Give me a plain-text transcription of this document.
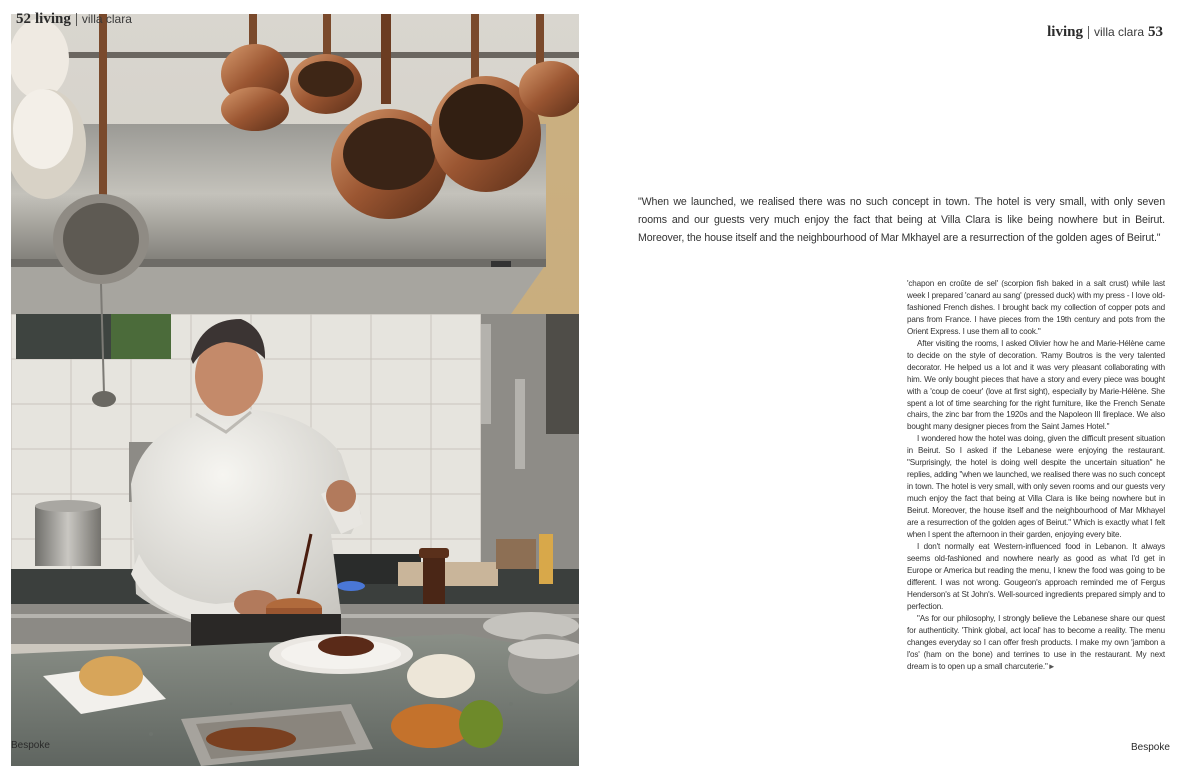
52 living | villa clara
Bespoke
living | villa clara 53
"When we launched, we realised there was no such concept in town. The hotel is very small, with only seven rooms and our guests very much enjoy the fact that being at Villa Clara is like being nowhere but in Beirut. Moreover, the house itself and the neighbourhood of Mar Mkhayel are a resurrection of the golden ages of Beirut."

'chapon en croûte de sel' (scorpion fish baked in a salt crust) while last week I prepared 'canard au sang' (pressed duck) with my press - I love old-fashioned French dishes. I brought back my collection of copper pots and pans from France. I have pieces from the 19th century and pots from the Orient Express. I use them all to cook."

After visiting the rooms, I asked Olivier how he and Marie-Hélène came to decide on the style of decoration. 'Ramy Boutros is the very talented decorator. He helped us a lot and it was very pleasant collaborating with him. We only bought pieces that have a story and every piece was bought with a 'coup de coeur' (love at first sight), especially by Marie-Hélène. She spent a lot of time searching for the right furniture, like the French Senate chairs, the zinc bar from the 1920s and the Napoleon III fireplace. We also bought many designer pieces from the Saint James Hotel."

I wondered how the hotel was doing, given the difficult present situation in Beirut. So I asked if the Lebanese were enjoying the restaurant. "Surprisingly, the hotel is doing well despite the uncertain situation" he replies, adding "when we launched, we realised there was no such concept in town. The hotel is very small, with only seven rooms and our guests very much enjoy the fact that being at Villa Clara is like being nowhere but in Beirut. Moreover, the house itself and the neighbourhood of Mar Mkhayel are a resurrection of the golden ages of Beirut." Which is exactly what I felt when I spent the afternoon in their garden, enjoying every bite.

I don't normally eat Western-influenced food in Lebanon. It always seems old-fashioned and nowhere nearly as good as what I'd get in Europe or America but reading the menu, I knew the food was going to be different. I was not wrong. Gougeon's approach reminded me of Fergus Henderson's at St John's. Well-sourced ingredients prepared simply and to perfection.

"As for our philosophy, I strongly believe the Lebanese share our quest for authenticity. 'Think global, act local' has to become a reality. The menu changes everyday so I can offer fresh products. I make my own 'jambon a l'os' (ham on the bone) and terrines to use in the restaurant. My next dream is to open up a small charcuterie."►

Bespoke
